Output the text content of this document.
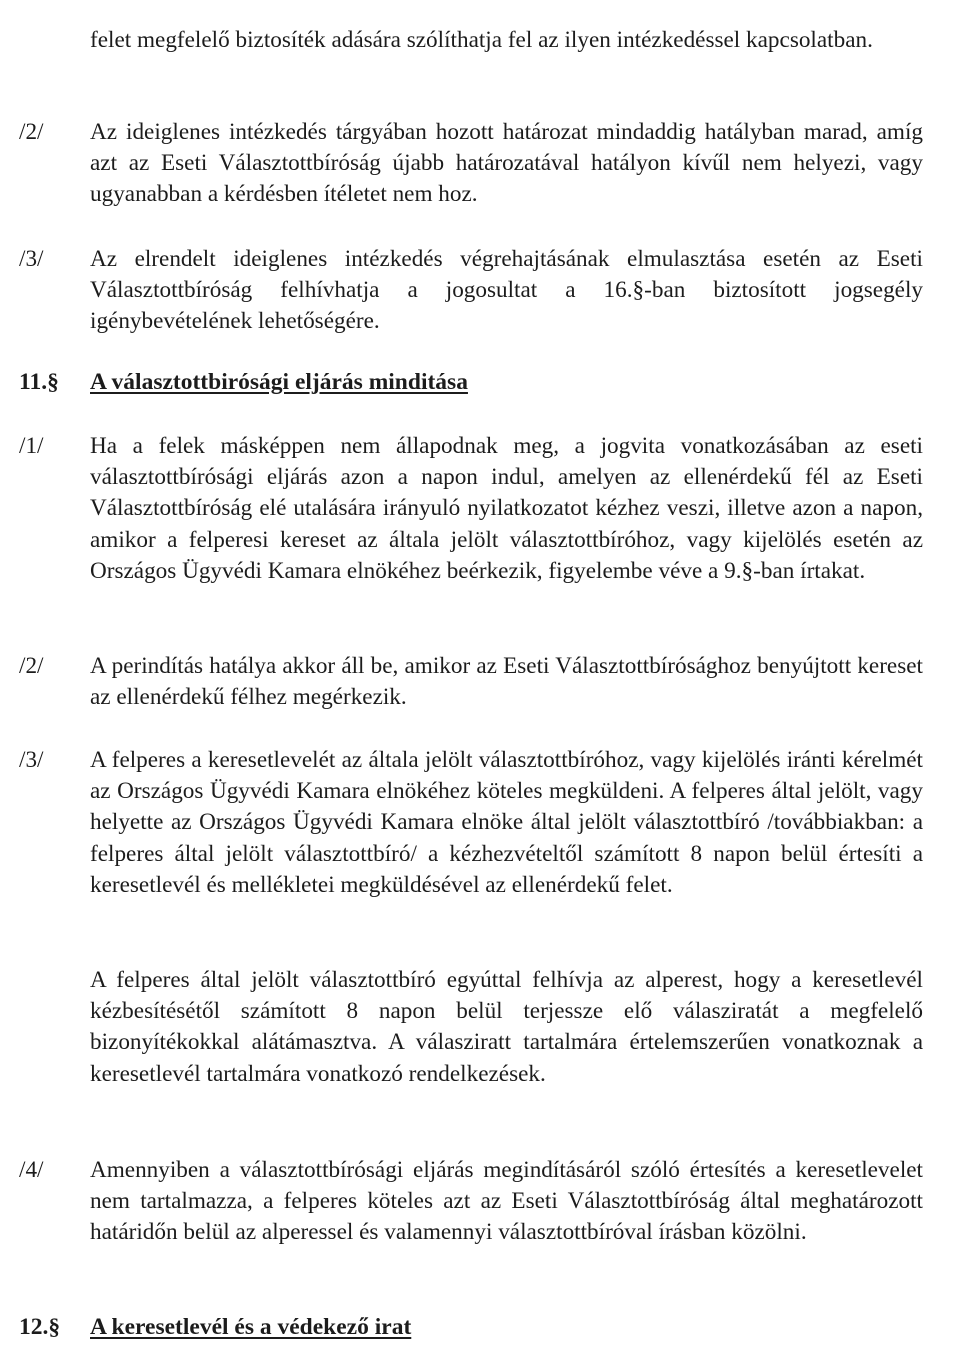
felet megfelelő biztosíték adására szólíthatja fel az ilyen intézkedéssel kapcsolatban.

/2/ Az ideiglenes intézkedés tárgyában hozott határozat mindaddig hatályban marad, amíg azt az Eseti Választottbíróság újabb határozatával hatályon kívűl nem helyezi, vagy ugyanabban a kérdésben ítéletet nem hoz.

/3/ Az elrendelt ideiglenes intézkedés végrehajtásának elmulasztása esetén az Eseti Választottbíróság felhívhatja a jogosultat a 16.§-ban biztosított jogsegély igénybevételének lehetőségére.

11.§ A választottbirósági eljárás minditása
/1/ Ha a felek másképpen nem állapodnak meg, a jogvita vonatkozásában az eseti választottbírósági eljárás azon a napon indul, amelyen az ellenérdekű fél az Eseti Választottbíróság elé utalására irányuló nyilatkozatot kézhez veszi, illetve azon a napon, amikor a felperesi kereset az általa jelölt választottbíróhoz, vagy kijelölés esetén az Országos Ügyvédi Kamara elnökéhez beérkezik, figyelembe véve a 9.§-ban írtakat.

/2/ A perindítás hatálya akkor áll be, amikor az Eseti Választottbírósághoz benyújtott kereset az ellenérdekű félhez megérkezik.

/3/ A felperes a keresetlevelét az általa jelölt választottbíróhoz, vagy kijelölés iránti kérelmét az Országos Ügyvédi Kamara elnökéhez köteles megküldeni. A felperes által jelölt, vagy helyette az Országos Ügyvédi Kamara elnöke által jelölt választottbíró /továbbiakban: a felperes által jelölt választottbíró/ a kézhezvételtől számított 8 napon belül értesíti a keresetlevél és mellékletei megküldésével az ellenérdekű felet.

A felperes által jelölt választottbíró egyúttal felhívja az alperest, hogy a keresetlevél kézbesítésétől számított 8 napon belül terjessze elő válasziratát a megfelelő bizonyítékokkal alátámasztva. A válasziratt tartalmára értelemszerűen vonatkoznak a keresetlevél tartalmára vonatkozó rendelkezések.

/4/ Amennyiben a választottbírósági eljárás megindításáról szóló értesítés a keresetlevelet nem tartalmazza, a felperes köteles azt az Eseti Választottbíróság által meghatározott határidőn belül az alperessel és valamennyi választottbíróval írásban közölni.

12.§ A keresetlevél és a védekező irat
